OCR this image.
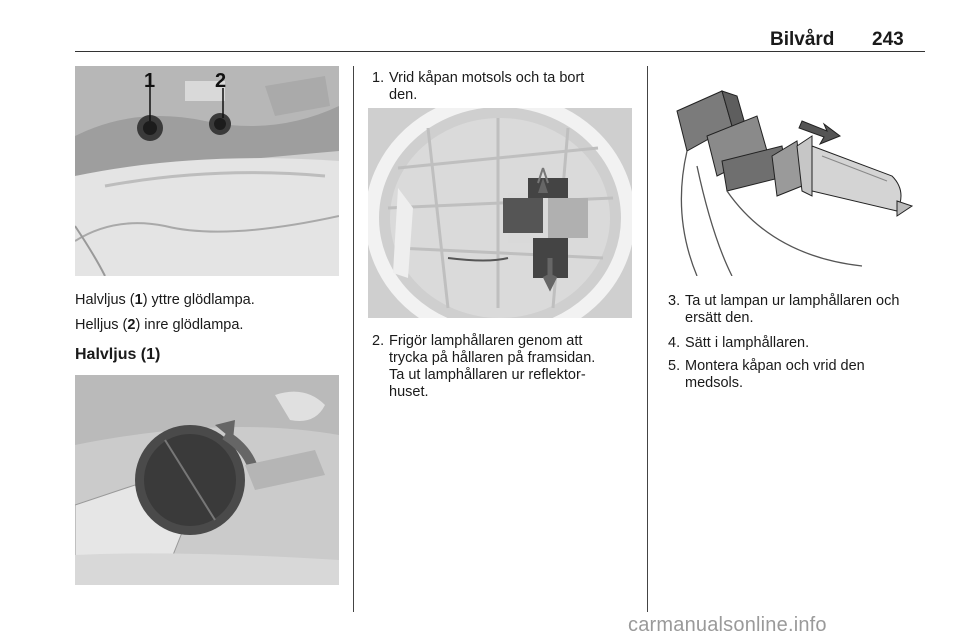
Bilvård 243
1	2
Halvljus (1) yttre glödlampa.
Helljus (2) inre glödlampa.
Halvljus (1)
1. Vrid kåpan motsols och ta bort
den.
2. Frigör lamphållaren genom att
trycka på hållaren på framsidan.
Ta ut lamphållaren ur reflektor-
huset.
3. Ta ut lampan ur lamphållaren och
ersätt den.
4. Sätt i lamphållaren.
5. Montera kåpan och vrid den
medsols.
carmanualsonline.info
